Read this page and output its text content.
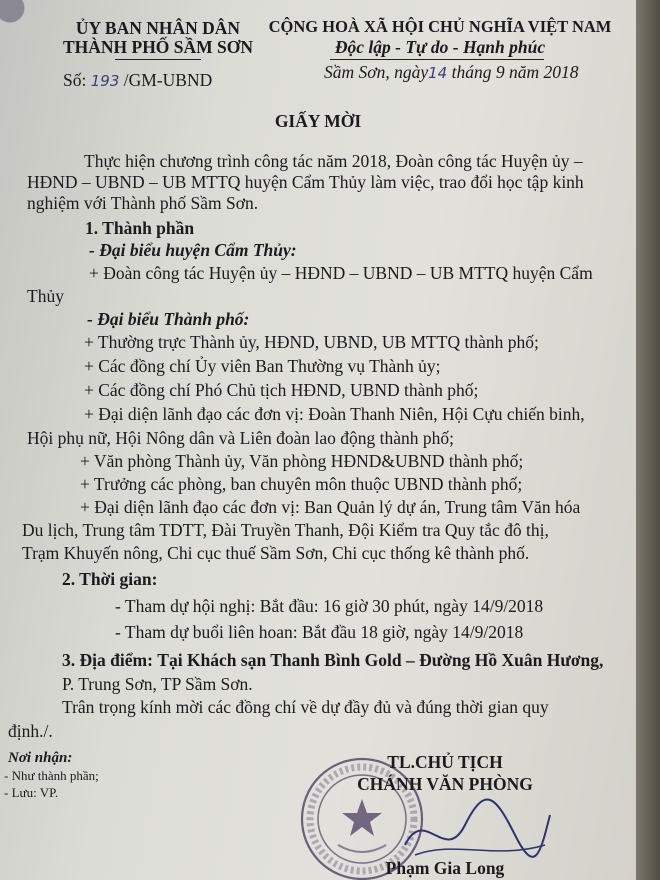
ỦY BAN NHÂN DÂN
THÀNH PHỐ SẦM SƠN
CỘNG HOÀ XÃ HỘI CHỦ NGHĨA VIỆT NAM
Độc lập - Tự do - Hạnh phúc
Số: 193 /GM-UBND	Sầm Sơn, ngày14 tháng 9 năm 2018
GIẤY MỜI
Thực hiện chương trình công tác năm 2018, Đoàn công tác Huyện ủy –
HĐND – UBND – UB MTTQ huyện Cẩm Thủy làm việc, trao đổi học tập kinh
nghiệm với Thành phố Sầm Sơn.
1. Thành phần
- Đại biểu huyện Cẩm Thủy:
+ Đoàn công tác Huyện ủy – HĐND – UBND – UB MTTQ huyện Cẩm
Thủy
- Đại biểu Thành phố:
+ Thường trực Thành ủy, HĐND, UBND, UB MTTQ thành phố;
+ Các đồng chí Ủy viên Ban Thường vụ Thành ủy;
+ Các đồng chí Phó Chủ tịch HĐND, UBND thành phố;
+ Đại diện lãnh đạo các đơn vị: Đoàn Thanh Niên, Hội Cựu chiến binh,
Hội phụ nữ, Hội Nông dân và Liên đoàn lao động thành phố;
+ Văn phòng Thành ủy, Văn phòng HĐND&UBND thành phố;
+ Trưởng các phòng, ban chuyên môn thuộc UBND thành phố;
+ Đại diện lãnh đạo các đơn vị: Ban Quản lý dự án, Trung tâm Văn hóa
Du lịch, Trung tâm TDTT, Đài Truyền Thanh, Đội Kiểm tra Quy tắc đô thị,
Trạm Khuyến nông, Chi cục thuế Sầm Sơn, Chi cục thống kê thành phố.
2. Thời gian:
- Tham dự hội nghị: Bắt đầu: 16 giờ 30 phút, ngày 14/9/2018
- Tham dự buổi liên hoan: Bắt đầu 18 giờ, ngày 14/9/2018
3. Địa điểm: Tại Khách sạn Thanh Bình Gold – Đường Hồ Xuân Hương,
P. Trung Sơn, TP Sầm Sơn.
Trân trọng kính mời các đồng chí về dự đầy đủ và đúng thời gian quy
định./.
Nơi nhận:
- Như thành phần;
- Lưu: VP.
TL.CHỦ TỊCH
CHÁNH VĂN PHÒNG
Phạm Gia Long
